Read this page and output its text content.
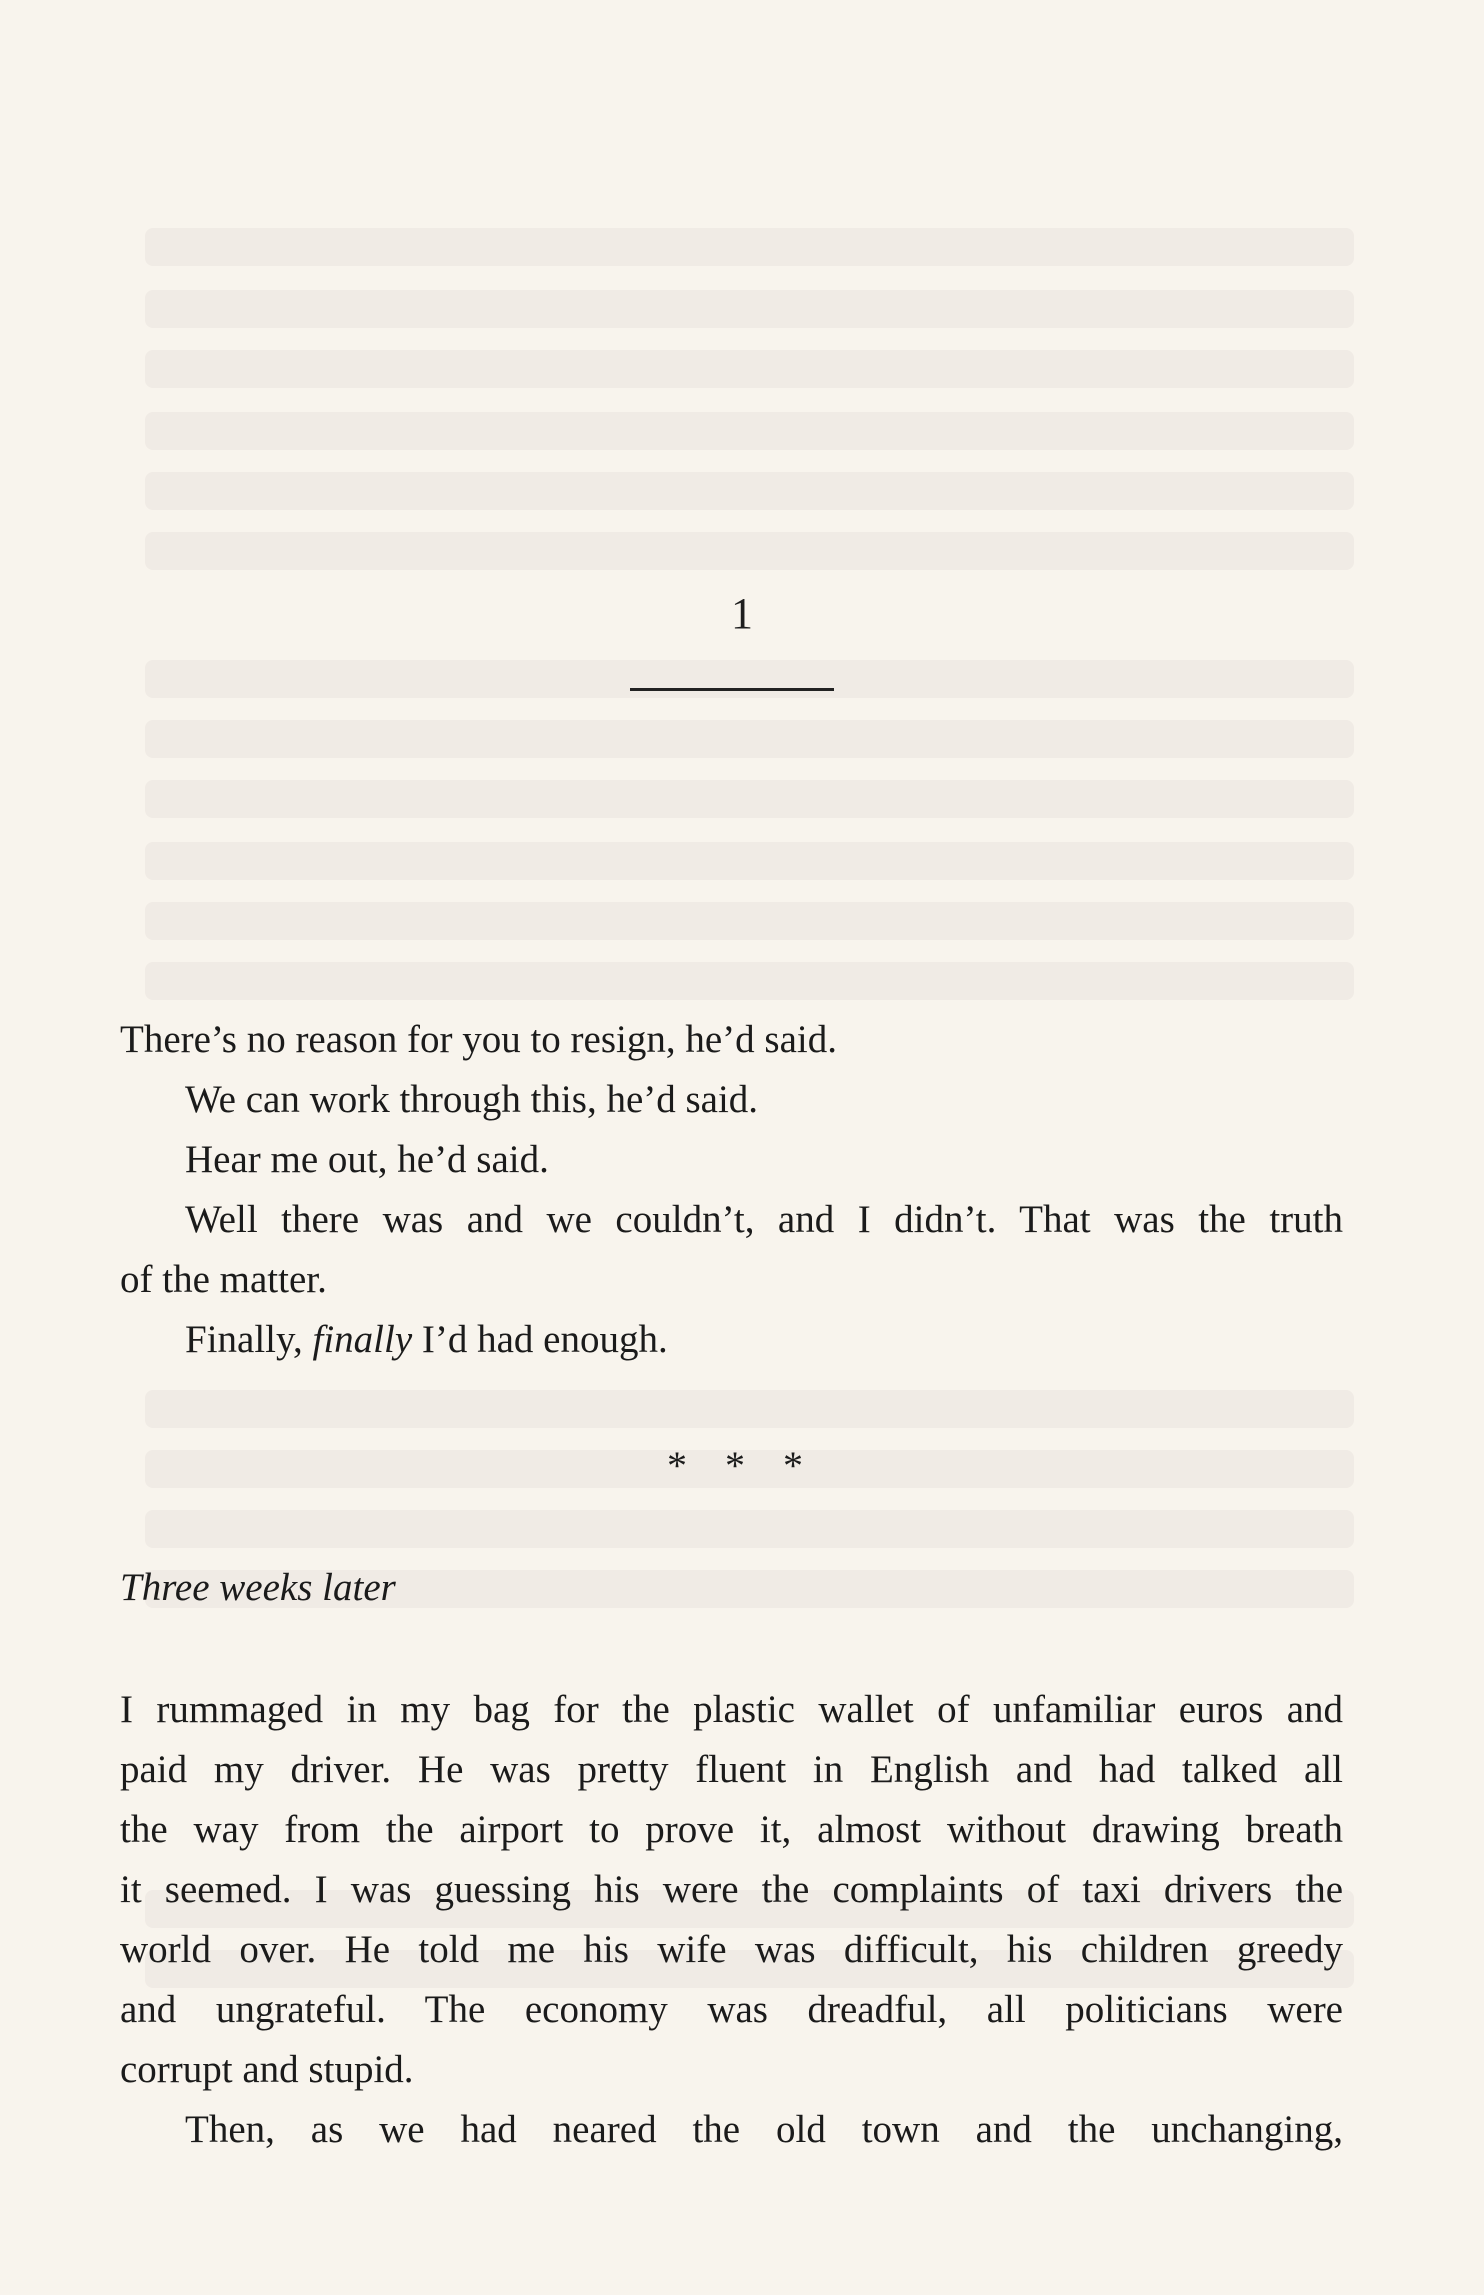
1
There’s no reason for you to resign, he’d said.
We can work through this, he’d said.
Hear me out, he’d said.
Well there was and we couldn’t, and I didn’t. That was the truth
of the matter.
Finally, finally I’d had enough.
* * *
Three weeks later
I rummaged in my bag for the plastic wallet of unfamiliar euros and
paid my driver. He was pretty fluent in English and had talked all
the way from the airport to prove it, almost without drawing breath
it seemed. I was guessing his were the complaints of taxi drivers the
world over. He told me his wife was difficult, his children greedy
and ungrateful. The economy was dreadful, all politicians were
corrupt and stupid.
Then, as we had neared the old town and the unchanging,
